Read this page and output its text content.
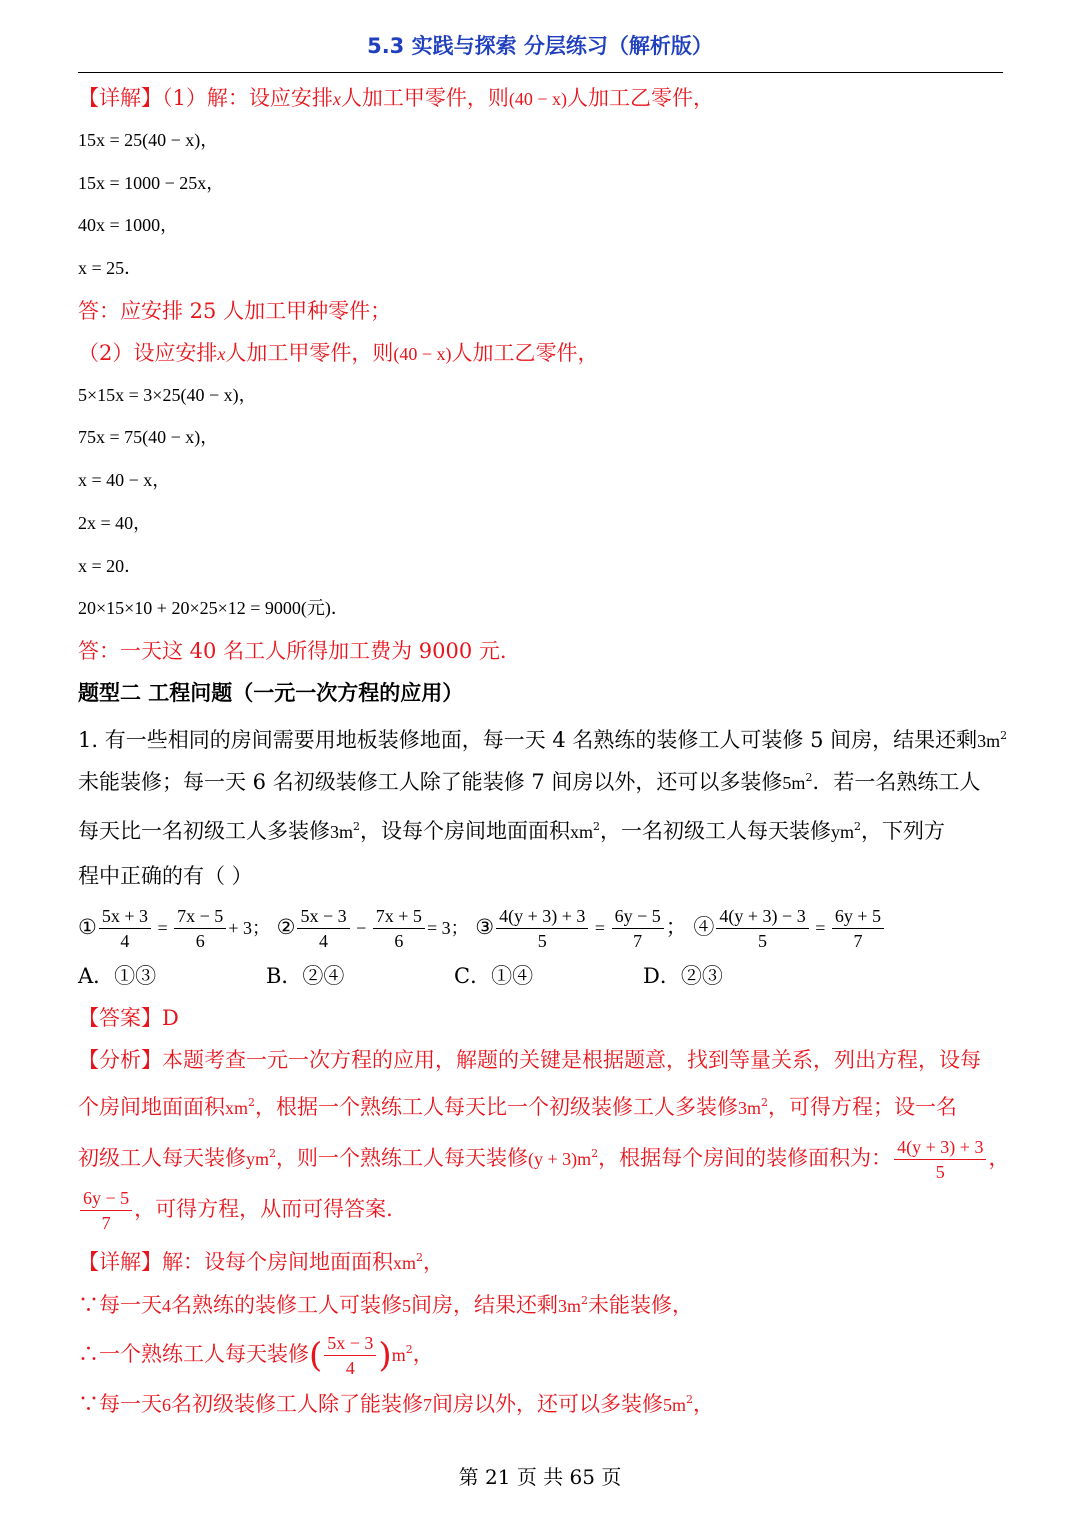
5.3 实践与探索 分层练习（解析版）
【详解】（1）解：设应安排x人加工甲零件，则(40 − x)人加工乙零件，
15x = 25(40 − x)，
15x = 1000 − 25x，
40x = 1000，
x = 25．
答：应安排 25 人加工甲种零件；
（2）设应安排x人加工甲零件，则(40 − x)人加工乙零件，
5×15x = 3×25(40 − x)，
75x = 75(40 − x)，
x = 40 − x，
2x = 40，
x = 20．
20×15×10 + 20×25×12 = 9000(元)．
答：一天这 40 名工人所得加工费为 9000 元.
题型二 工程问题（一元一次方程的应用）
1. 有一些相同的房间需要用地板装修地面，每一天 4 名熟练的装修工人可装修 5 间房，结果还剩$3m^2$
未能装修；每一天 6 名初级装修工人除了能装修 7 间房以外，还可以多装修$5m^2$．若一名熟练工人
每天比一名初级工人多装修$3m^2$，设每个房间地面面积$xm^2$，一名初级工人每天装修$ym^2$，下列方
程中正确的有（ ）
① $\frac{5x + 3}{4} = \frac{7x - 5}{6} + 3$； ② $\frac{5x - 3}{4} - \frac{7x + 5}{6} = 3$； ③ $\frac{4(y + 3) + 3}{5} = \frac{6y - 5}{7}$ ； ④ $\frac{4(y + 3) - 3}{5} = \frac{6y + 5}{7}$
A．①③	B．②④	C．①④	D．②③
【答案】D
【分析】本题考查一元一次方程的应用，解题的关键是根据题意，找到等量关系，列出方程，设每
个房间地面面积$xm^2$，根据一个熟练工人每天比一个初级装修工人多装修$3m^2$，可得方程；设一名
初级工人每天装修$ym^2$，则一个熟练工人每天装修$(y + 3)m^2$，根据每个房间的装修面积为： $\frac{4(y + 3) + 3}{5}$ ，
$\frac{6y - 5}{7}$ ，可得方程，从而可得答案.
【详解】解：设每个房间地面面积$xm^2$，
∵每一天4名熟练的装修工人可装修5间房，结果还剩$3m^2$未能装修，
∴一个熟练工人每天装修( $\frac{5x - 3}{4} )m^2$，
∵每一天6名初级装修工人除了能装修7间房以外，还可以多装修$5m^2$，
第 21 页 共 65 页
